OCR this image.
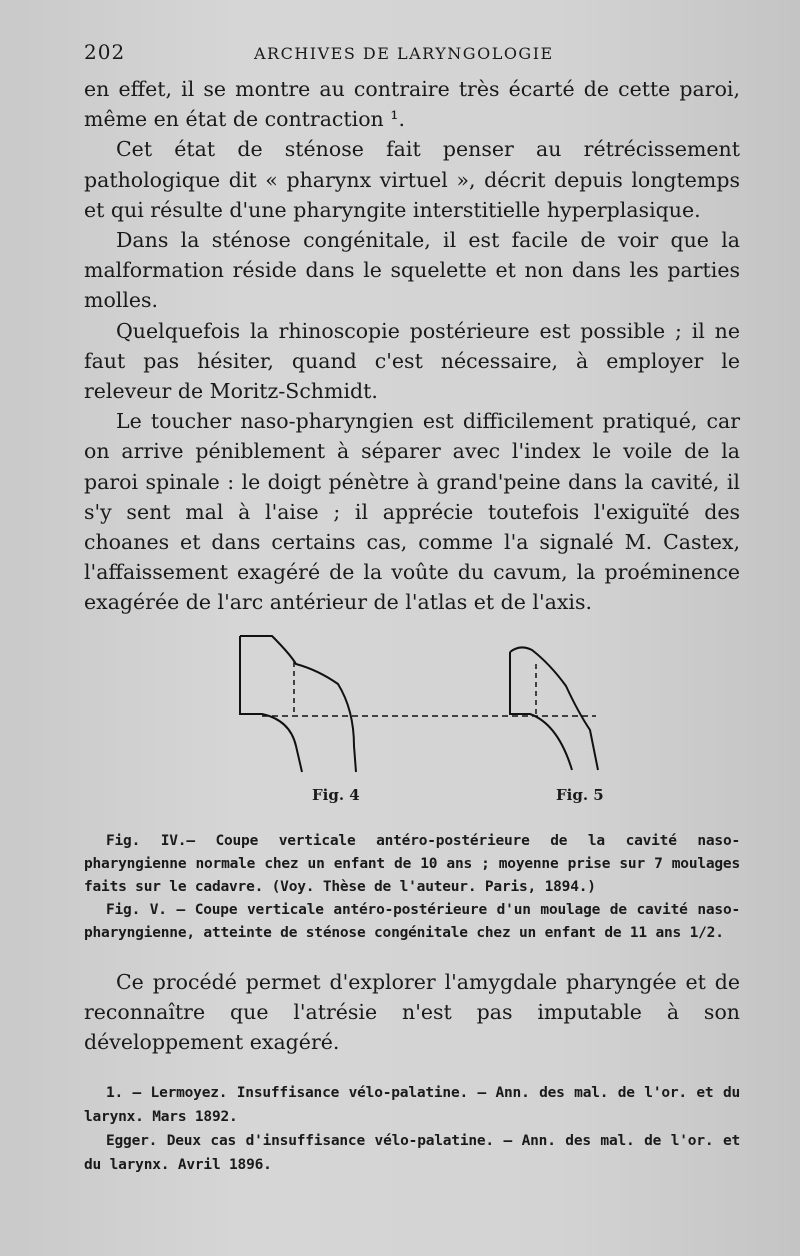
202	ARCHIVES DE LARYNGOLOGIE

en effet, il se montre au contraire très écarté de cette paroi, même en état de contraction ¹.

Cet état de sténose fait penser au rétrécissement pathologique dit « pharynx virtuel », décrit depuis longtemps et qui résulte d'une pharyngite interstitielle hyperplasique.

Dans la sténose congénitale, il est facile de voir que la malformation réside dans le squelette et non dans les parties molles.

Quelquefois la rhinoscopie postérieure est possible ; il ne faut pas hésiter, quand c'est nécessaire, à employer le releveur de Moritz-Schmidt.

Le toucher naso-pharyngien est difficilement pratiqué, car on arrive péniblement à séparer avec l'index le voile de la paroi spinale : le doigt pénètre à grand'peine dans la cavité, il s'y sent mal à l'aise ; il apprécie toutefois l'exiguïté des choanes et dans certains cas, comme l'a signalé M. Castex, l'affaissement exagéré de la voûte du cavum, la proéminence exagérée de l'arc antérieur de l'atlas et de l'axis.

Fig. 4	Fig. 5

Fig. IV.— Coupe verticale antéro-postérieure de la cavité naso-pharyngienne normale chez un enfant de 10 ans ; moyenne prise sur 7 moulages faits sur le cadavre. (Voy. Thèse de l'auteur. Paris, 1894.)

Fig. V. — Coupe verticale antéro-postérieure d'un moulage de cavité naso-pharyngienne, atteinte de sténose congénitale chez un enfant de 11 ans 1/2.

Ce procédé permet d'explorer l'amygdale pharyngée et de reconnaître que l'atrésie n'est pas imputable à son développement exagéré.

1. — Lermoyez. Insuffisance vélo-palatine. — Ann. des mal. de l'or. et du larynx. Mars 1892.

Egger. Deux cas d'insuffisance vélo-palatine. — Ann. des mal. de l'or. et du larynx. Avril 1896.
